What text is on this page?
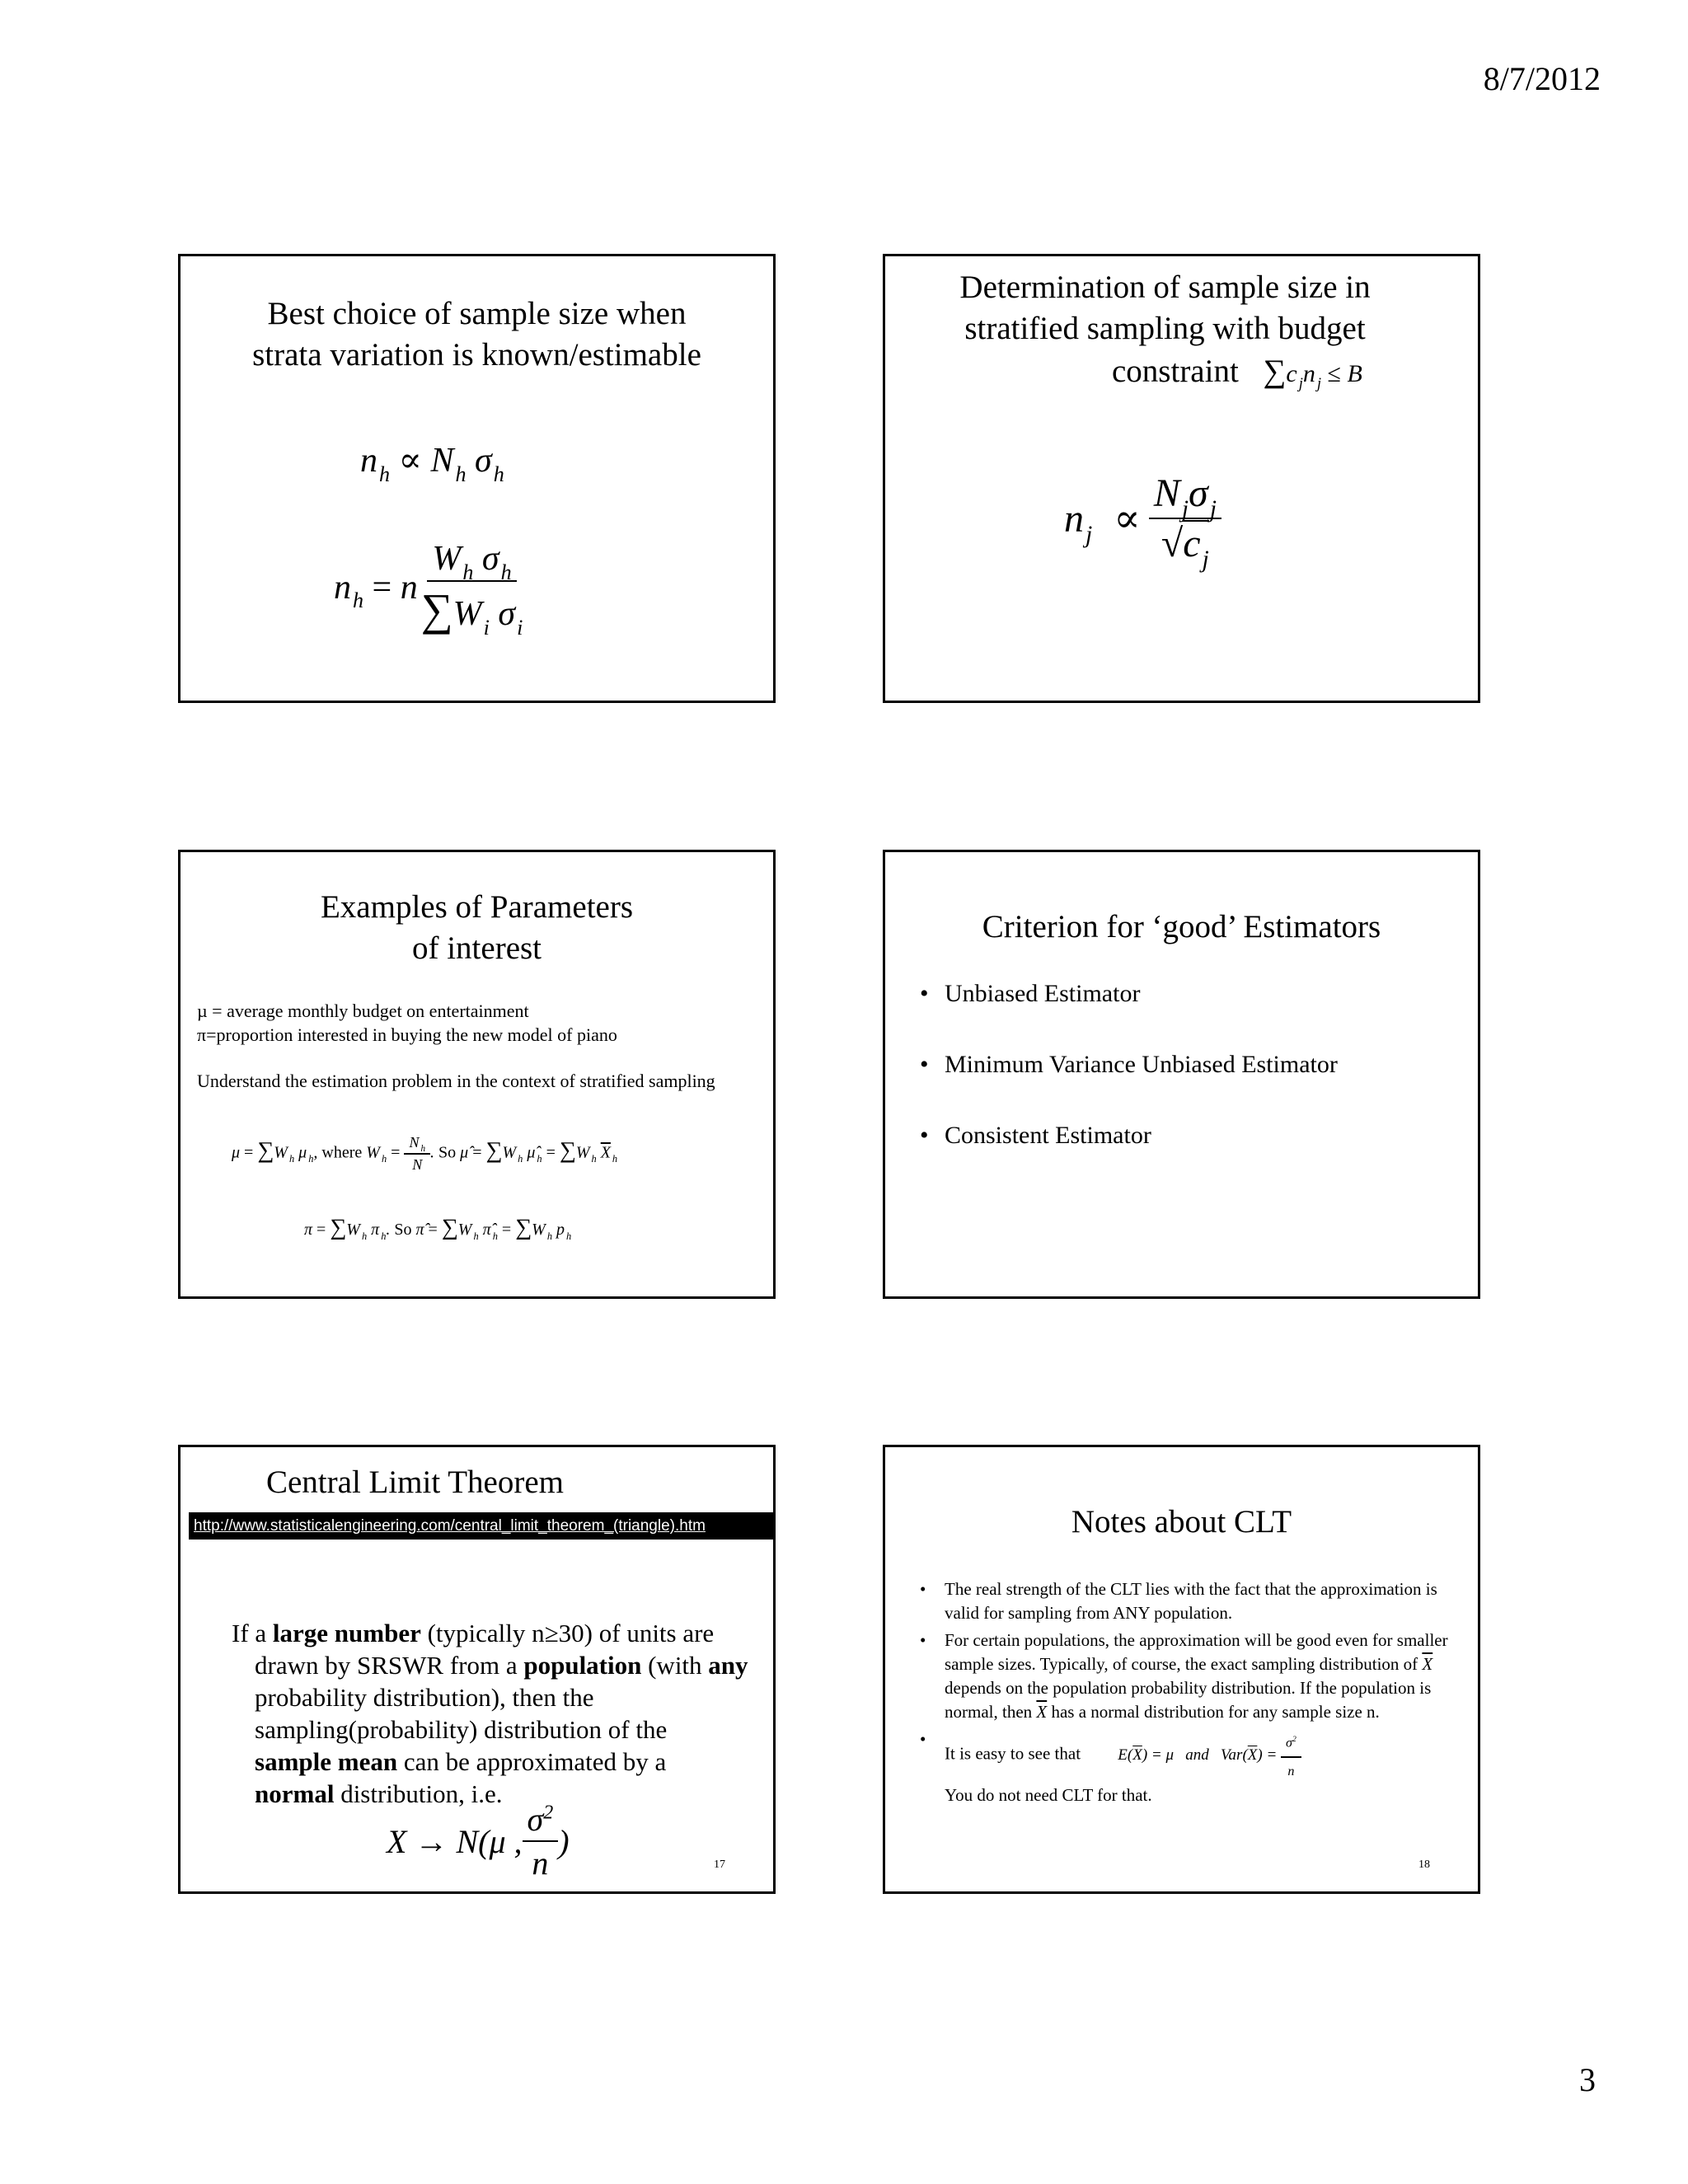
8/7/2012
Best choice of sample size when
strata variation is known/estimable
$n_h \propto N_h$ $\sigma_h$
$n_h = n \frac{W_h \sigma_h}{\sum W_i \sigma_i}$
Determination of sample size in
stratified sampling with budget
constraint ∑c $_j$n $_j$ ≤ B
$n_j \propto \frac{N_j\sigma_j}{√c_j}$
Examples of Parameters
of interest
µ = average monthly budget on entertainment
π=proportion interested in buying the new model of piano
Understand the estimation problem in the context of stratified sampling
μ = ∑W $_h$ μ $_h$, where W $_h = \frac{N _h}{N}$ . So μ̂ = ∑W $_h$ μ̂ $_h$ = ∑W $_h$ $\overline{X}$ $_h$
π = ∑W $_h$ π $_h$. So π̂ = ∑W $_h$ π̂ $_h$ = ∑W $_h$ p $_h$
Criterion for ‘good’ Estimators
• Unbiased Estimator
• Minimum Variance Unbiased Estimator
• Consistent Estimator
Central Limit Theorem
http://www.statisticalengineering.com/central_limit_theorem_(triangle).htm

If a large number (typically n≥30) of units are drawn by SRSWR from a population (with any probability distribution), then the sampling(probability) distribution of the sample mean can be approximated by a normal distribution, i.e.

X → N(μ , $\frac{\sigma^2}{n}$ )
17
Notes about CLT
• The real strength of the CLT lies with the fact that the approximation is valid for sampling from ANY population.
• For certain populations, the approximation will be good even for smaller sample sizes. Typically, of course, the exact sampling distribution of $\overline{X}$ depends on the population probability distribution. If the population is normal, then $\overline{X}$ has a normal distribution for any sample size n.
• It is easy to see that $E(\overline{X}) = \mu$   and $Var(\overline{X}) = \frac{\sigma^2}{n}$

You do not need CLT for that.
18
3
